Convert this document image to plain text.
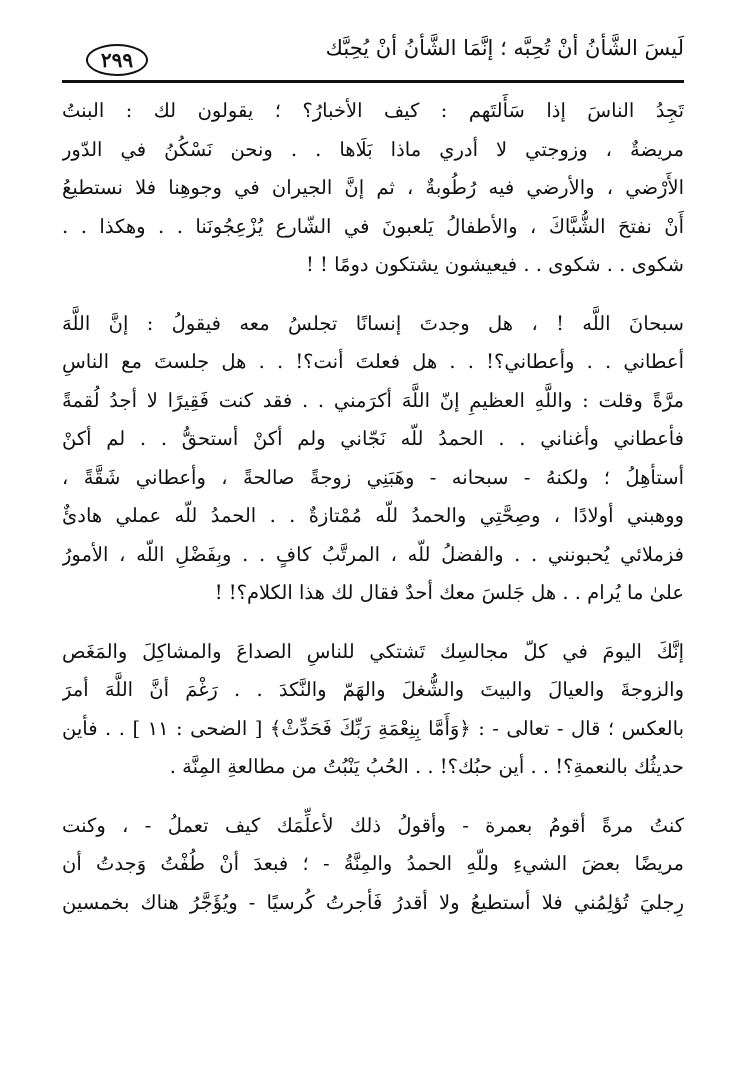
لَيسَ الشَّأنُ أنْ تُحِبَّه ؛ إنَّمَا الشَّأنُ أنْ يُحِبَّك
٢٩٩
تَجِدُ الناسَ إذا سَأَلتَهم : كيف الأخبارُ؟ ؛ يقولون لك : البنتُ
مريضةٌ ، وزوجتي لا أدري ماذا بَلَاها . . ونحن نَسْكُنُ في الدّور
الأَرْضي ، والأرضي فيه رُطُوبةٌ ، ثم إنَّ الجيران في وجوهِنا فلا نستطيعُ
أَنْ نفتحَ الشُّبَّاكَ ، والأطفالُ يَلعبونَ في الشّارع يُزْعِجُونَنا . . وهكذا . .
شكوى . . شكوى . . فيعيشون يشتكون دومًا ! !
سبحانَ اللَّه ! ، هل وجدتَ إنسانًا تجلسُ معه فيقولُ : إنَّ اللَّهَ
أعطاني . . وأعطاني؟! . . هل فعلتَ أنت؟! . . هل جلستَ مع الناسِ
مرَّةً وقلت : واللَّهِ العظيمِ إنّ اللَّهَ أكرَمني . . فقد كنت فَقِيرًا لا أجدُ لُقمةً
فأعطاني وأغناني . . الحمدُ للّه نَجّاني ولم أكنْ أستحقُّ . . لم أكنْ
أستأهِلُ ؛ ولكنهُ - سبحانه - وهَبَنِي زوجةً صالحةً ، وأعطاني شَقَّةً ،
ووهبني أولادًا ، وصِحَّتِي والحمدُ للّه مُمْتازةٌ . . الحمدُ للّه عملي هادئٌ
فزملائي يُحبونني . . والفضلُ للّه ، المرتَّبُ كافٍ . . وبِفَضْلِ اللّه ، الأمورُ
علىٰ ما يُرام . . هل جَلسَ معك أحدٌ فقال لك هذا الكلام؟! !
إنَّكَ اليومَ في كلّ مجالسِك تَشتكي للناسِ الصداعَ والمشاكِلَ والمَغَص
والزوجةَ والعيالَ والبيتَ والشُّغلَ والهَمّ والنَّكدَ . . رَغْمَ أنَّ اللَّهَ أمرَ
بالعكس ؛ قال - تعالى - : ﴿وَأَمَّا بِنِعْمَةِ رَبِّكَ فَحَدِّثْ﴾ [ الضحى : ١١ ] . . فأين
حديثُك بالنعمةِ؟! . . أين حبُك؟! . . الحُبُ يَنْبُتُ من مطالعةِ المِنَّة .
كنتُ مرةً أقومُ بعمرة - وأقولُ ذلك لأعلِّمَك كيف تعملُ - ، وكنت
مريضًا بعضَ الشيءِ وللّهِ الحمدُ والمِنَّةُ - ؛ فبعدَ أنْ طُفْتُ وَجدتُ أن
رِجليَ تُؤلِمُني فلا أستطيعُ ولا أقدرُ فَأجرتُ كُرسيًا - ويُؤَجَّرُ هناك بخمسين
